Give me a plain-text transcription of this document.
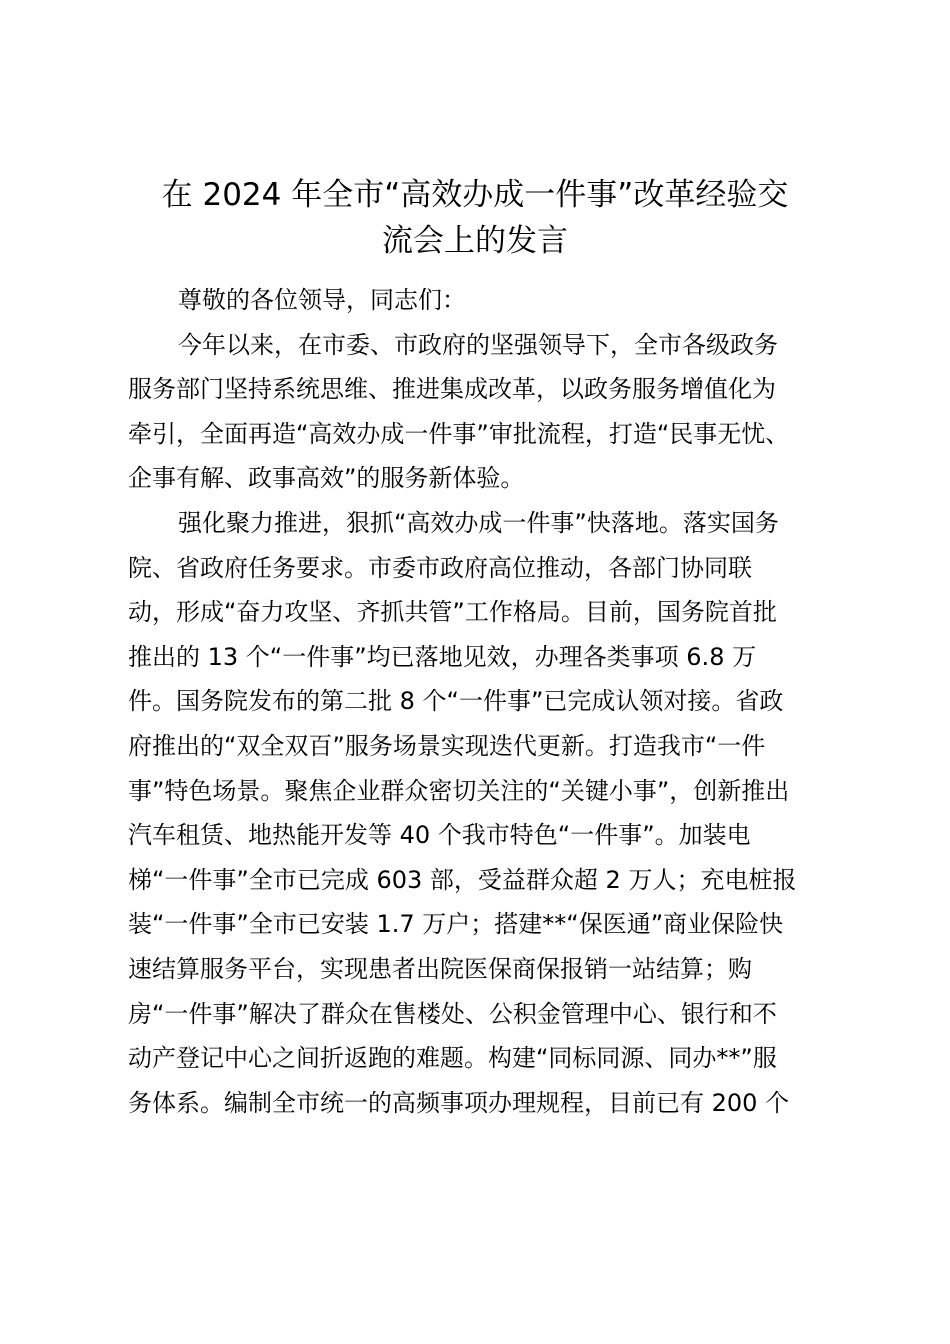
在 2024 年全市“高效办成一件事”改革经验交
流会上的发言
尊敬的各位领导，同志们：
今年以来，在市委、市政府的坚强领导下，全市各级政务
服务部门坚持系统思维、推进集成改革，以政务服务增值化为
牵引，全面再造“高效办成一件事”审批流程，打造“民事无忧、
企事有解、政事高效”的服务新体验。
强化聚力推进，狠抓“高效办成一件事”快落地。落实国务
院、省政府任务要求。市委市政府高位推动，各部门协同联
动，形成“奋力攻坚、齐抓共管”工作格局。目前，国务院首批
推出的 13 个“一件事”均已落地见效，办理各类事项 6.8 万
件。国务院发布的第二批 8 个“一件事”已完成认领对接。省政
府推出的“双全双百”服务场景实现迭代更新。打造我市“一件
事”特色场景。聚焦企业群众密切关注的“关键小事”，创新推出
汽车租赁、地热能开发等 40 个我市特色“一件事”。加装电
梯“一件事”全市已完成 603 部，受益群众超 2 万人；充电桩报
装“一件事”全市已安装 1.7 万户；搭建**“保医通”商业保险快
速结算服务平台，实现患者出院医保商保报销一站结算；购
房“一件事”解决了群众在售楼处、公积金管理中心、银行和不
动产登记中心之间折返跑的难题。构建“同标同源、同办**”服
务体系。编制全市统一的高频事项办理规程，目前已有 200 个
